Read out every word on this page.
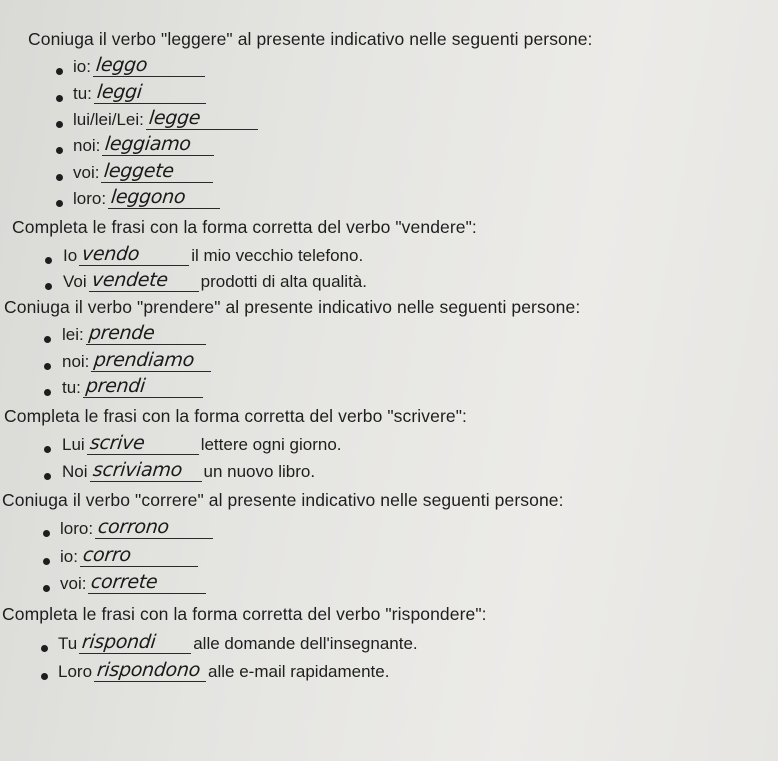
Coniuga il verbo "leggere" al presente indicativo nelle seguenti persone:
io: leggo
tu: leggi
lui/lei/Lei: legge
noi: leggiamo
voi: leggete
loro: leggono
Completa le frasi con la forma corretta del verbo "vendere":
Io vendo	il mio vecchio telefono.
Voi vendete prodotti di alta qualità.
Coniuga il verbo "prendere" al presente indicativo nelle seguenti persone:
lei: prende
noi: prendiamo
tu: prendi
Completa le frasi con la forma corretta del verbo "scrivere":
Lui scrive	lettere ogni giorno.
Noi scriviamo un nuovo libro.
Coniuga il verbo "correre" al presente indicativo nelle seguenti persone:
loro: corrono
io: corro
voi: correte
Completa le frasi con la forma corretta del verbo "rispondere":
Tu rispondi alle domande dell'insegnante.
Loro rispondono alle e-mail rapidamente.
